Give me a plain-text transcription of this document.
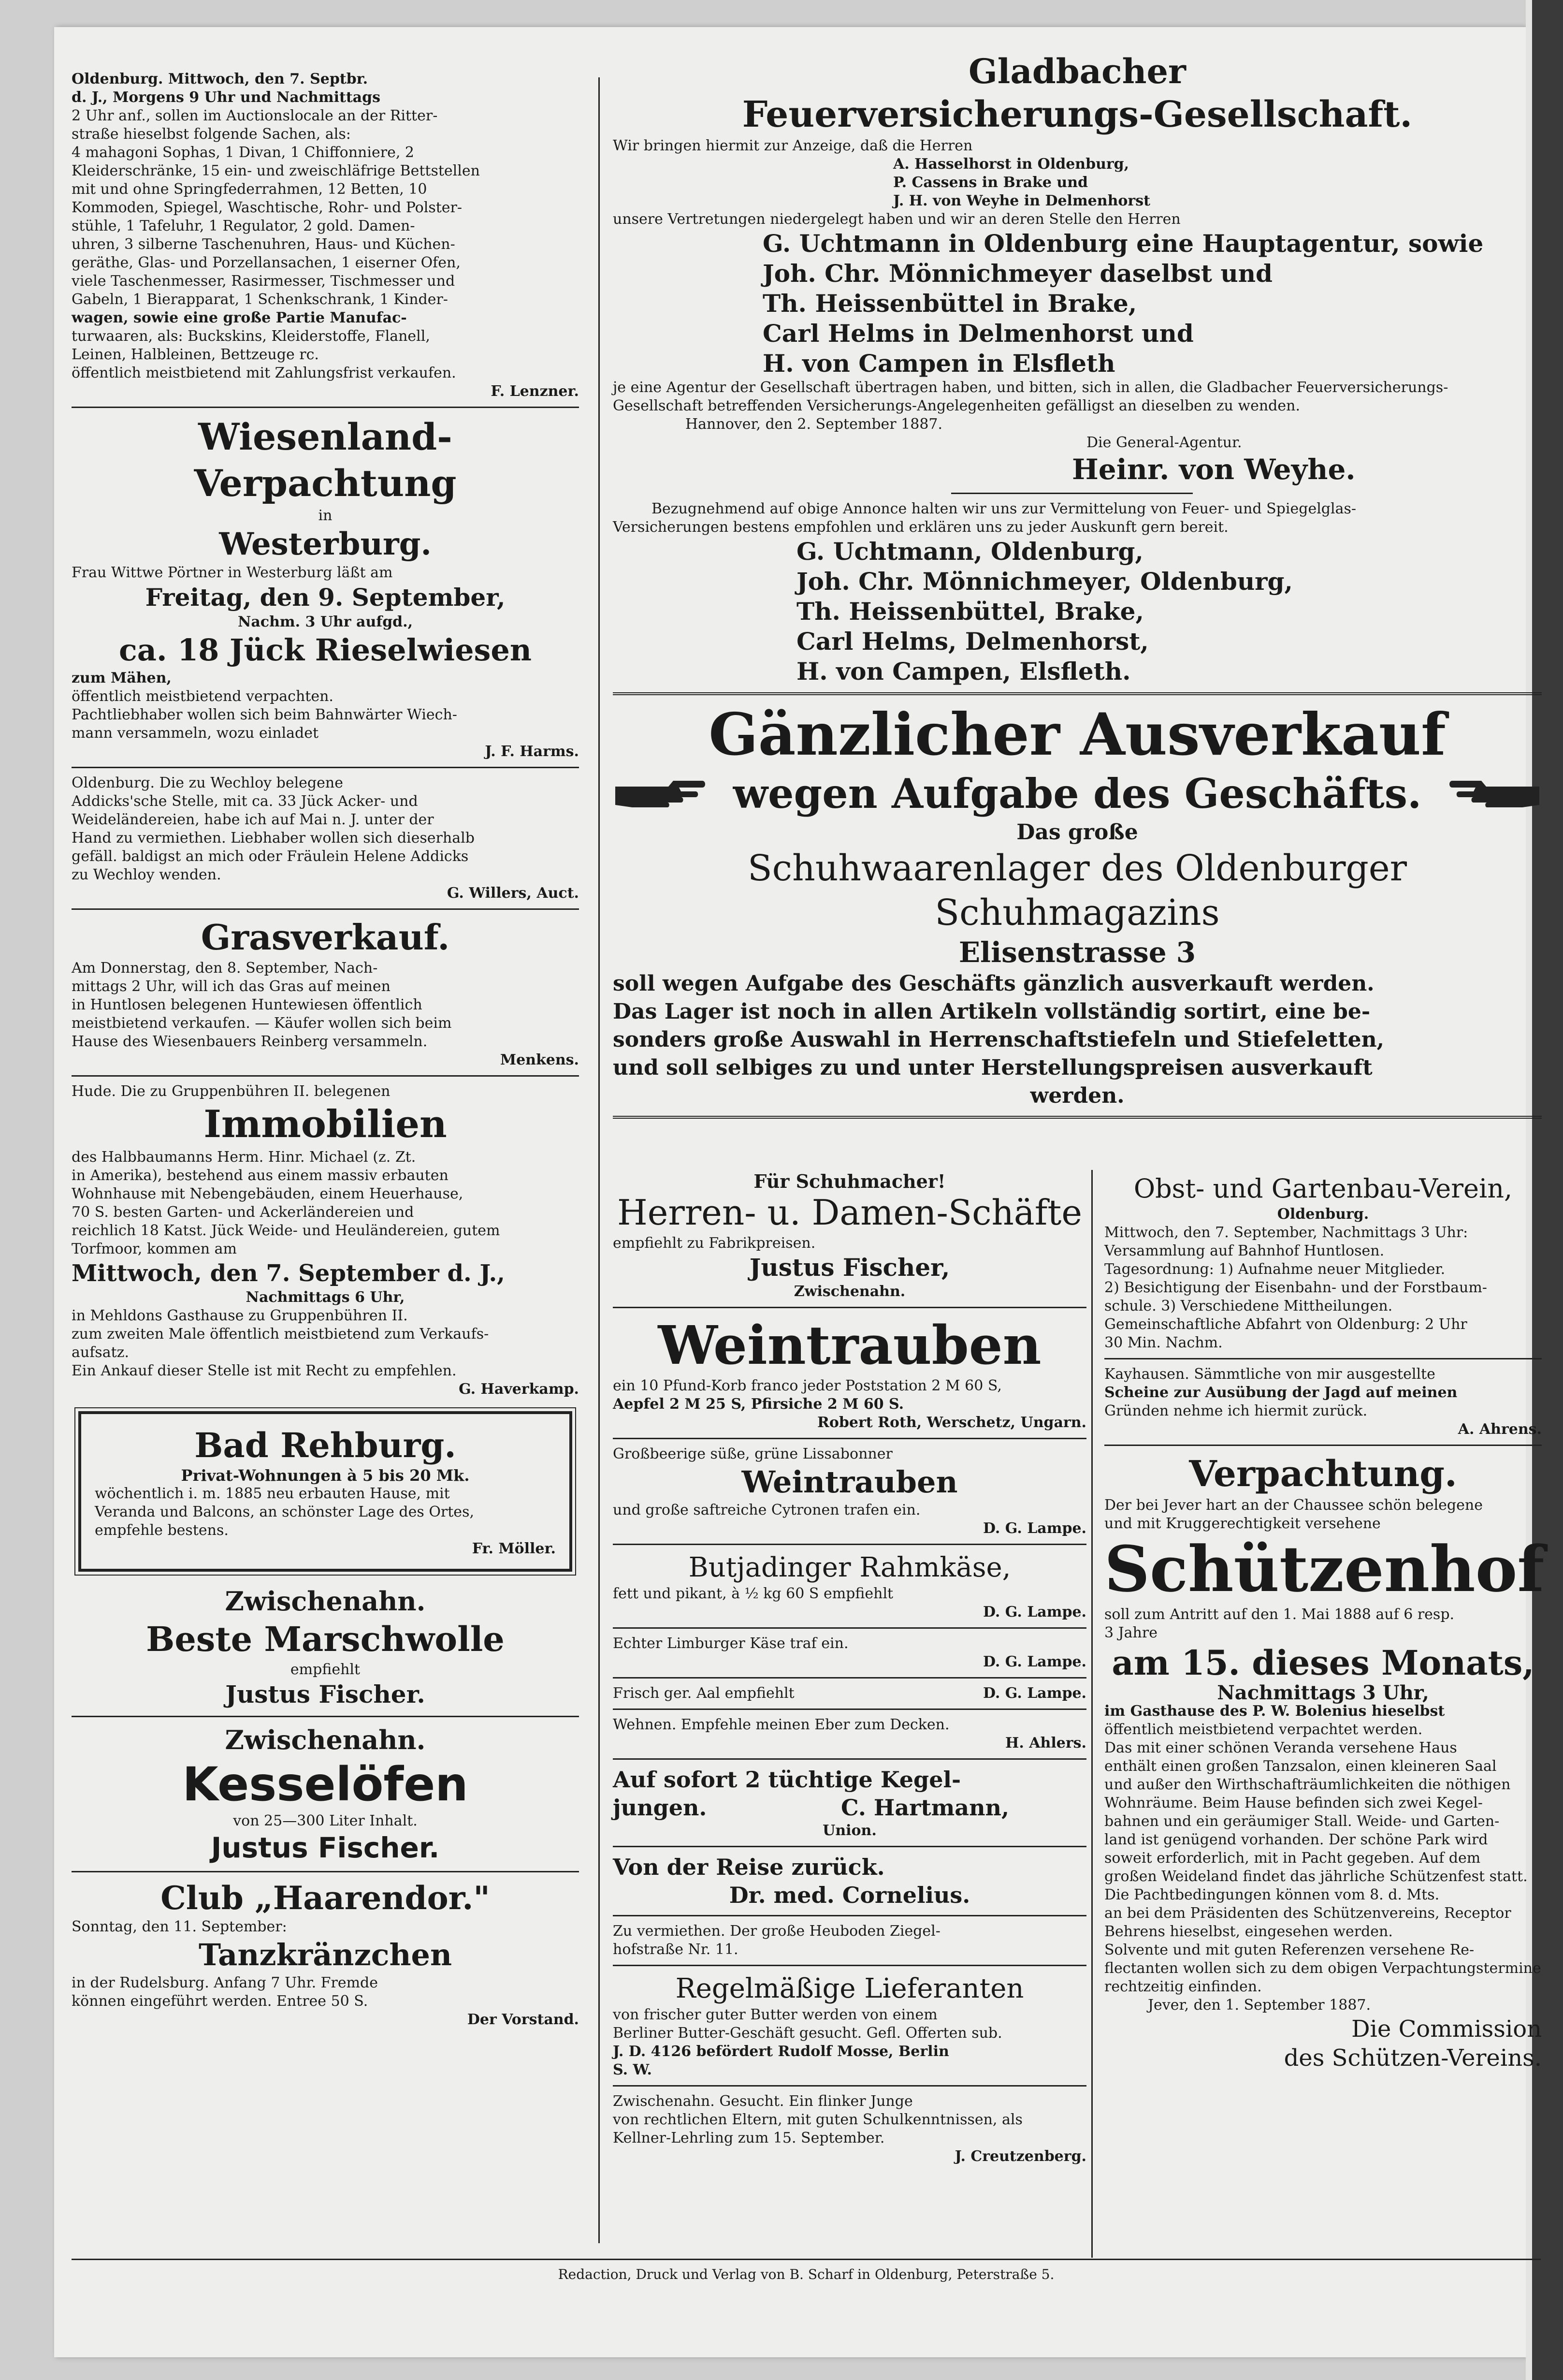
Oldenburg. Mittwoch, den 7. Septbr.

d. J., Morgens 9 Uhr und Nachmittags

2 Uhr anf., sollen im Auctionslocale an der Ritter-

straße hieselbst folgende Sachen, als:

4 mahagoni Sophas, 1 Divan, 1 Chiffonniere, 2

Kleiderschränke, 15 ein- und zweischläfrige Bettstellen

mit und ohne Springfederrahmen, 12 Betten, 10

Kommoden, Spiegel, Waschtische, Rohr- und Polster-

stühle, 1 Tafeluhr, 1 Regulator, 2 gold. Damen-

uhren, 3 silberne Taschenuhren, Haus- und Küchen-

geräthe, Glas- und Porzellansachen, 1 eiserner Ofen,

viele Taschenmesser, Rasirmesser, Tischmesser und

Gabeln, 1 Bierapparat, 1 Schenkschrank, 1 Kinder-

wagen, sowie eine große Partie Manufac-

turwaaren, als: Buckskins, Kleiderstoffe, Flanell,

Leinen, Halbleinen, Bettzeuge rc.

öffentlich meistbietend mit Zahlungsfrist verkaufen.

F. Lenzner.

Wiesenland-Verpachtung

in

Westerburg.

Frau Wittwe Pörtner in Westerburg läßt am

Freitag, den 9. September,

Nachm. 3 Uhr aufgd.,

ca. 18 Jück Rieselwiesen

zum Mähen,

öffentlich meistbietend verpachten.

Pachtliebhaber wollen sich beim Bahnwärter Wiech-

mann versammeln, wozu einladet

J. F. Harms.

Oldenburg. Die zu Wechloy belegene

Addicks'sche Stelle, mit ca. 33 Jück Acker- und

Weideländereien, habe ich auf Mai n. J. unter der

Hand zu vermiethen. Liebhaber wollen sich dieserhalb

gefäll. baldigst an mich oder Fräulein Helene Addicks

zu Wechloy wenden.

G. Willers, Auct.

Grasverkauf.

Am Donnerstag, den 8. September, Nach-

mittags 2 Uhr, will ich das Gras auf meinen

in Huntlosen belegenen Huntewiesen öffentlich

meistbietend verkaufen. — Käufer wollen sich beim

Hause des Wiesenbauers Reinberg versammeln.

Menkens.

Hude. Die zu Gruppenbühren II. belegenen

Immobilien

des Halbbaumanns Herm. Hinr. Michael (z. Zt.

in Amerika), bestehend aus einem massiv erbauten

Wohnhause mit Nebengebäuden, einem Heuerhause,

70 S. besten Garten- und Ackerländereien und

reichlich 18 Katst. Jück Weide- und Heuländereien, gutem

Torfmoor, kommen am

Mittwoch, den 7. September d. J.,

Nachmittags 6 Uhr,

in Mehldons Gasthause zu Gruppenbühren II.

zum zweiten Male öffentlich meistbietend zum Verkaufs-

aufsatz.

Ein Ankauf dieser Stelle ist mit Recht zu empfehlen.

G. Haverkamp.

Bad Rehburg.

Privat-Wohnungen à 5 bis 20 Mk.

wöchentlich i. m. 1885 neu erbauten Hause, mit

Veranda und Balcons, an schönster Lage des Ortes,

empfehle bestens.

Fr. Möller.

Zwischenahn.

Beste Marschwolle

empfiehlt

Justus Fischer.

Zwischenahn.

Kesselöfen

von 25—300 Liter Inhalt.

Justus Fischer.

Club „Haarendor."

Sonntag, den 11. September:

Tanzkränzchen

in der Rudelsburg. Anfang 7 Uhr. Fremde

können eingeführt werden. Entree 50 S.

Der Vorstand.

Gladbacher

Feuerversicherungs-Gesellschaft.

Wir bringen hiermit zur Anzeige, daß die Herren

A. Hasselhorst in Oldenburg,

P. Cassens in Brake und

J. H. von Weyhe in Delmenhorst

unsere Vertretungen niedergelegt haben und wir an deren Stelle den Herren

G. Uchtmann in Oldenburg eine Hauptagentur, sowie

Joh. Chr. Mönnichmeyer daselbst und

Th. Heissenbüttel in Brake,

Carl Helms in Delmenhorst und

H. von Campen in Elsfleth

je eine Agentur der Gesellschaft übertragen haben, und bitten, sich in allen, die Gladbacher Feuerversicherungs-

Gesellschaft betreffenden Versicherungs-Angelegenheiten gefälligst an dieselben zu wenden.

Hannover, den 2. September 1887.

Die General-Agentur.

Heinr. von Weyhe.

Bezugnehmend auf obige Annonce halten wir uns zur Vermittelung von Feuer- und Spiegelglas-

Versicherungen bestens empfohlen und erklären uns zu jeder Auskunft gern bereit.

G. Uchtmann, Oldenburg,

Joh. Chr. Mönnichmeyer, Oldenburg,

Th. Heissenbüttel, Brake,

Carl Helms, Delmenhorst,

H. von Campen, Elsfleth.

Gänzlicher Ausverkauf

wegen Aufgabe des Geschäfts.

Das große

Schuhwaarenlager des Oldenburger Schuhmagazins

Elisenstrasse 3

soll wegen Aufgabe des Geschäfts gänzlich ausverkauft werden.

Das Lager ist noch in allen Artikeln vollständig sortirt, eine be-

sonders große Auswahl in Herrenschaftstiefeln und Stiefeletten,

und soll selbiges zu und unter Herstellungspreisen ausverkauft

werden.

Für Schuhmacher!

Herren- u. Damen-Schäfte

empfiehlt zu Fabrikpreisen.

Justus Fischer,

Zwischenahn.

Weintrauben

ein 10 Pfund-Korb franco jeder Poststation 2 M 60 S,

Aepfel 2 M 25 S, Pfirsiche 2 M 60 S.

Robert Roth, Werschetz, Ungarn.

Großbeerige süße, grüne Lissabonner

Weintrauben

und große saftreiche Cytronen trafen ein.

D. G. Lampe.

Butjadinger Rahmkäse,

fett und pikant, à ½ kg 60 S empfiehlt

D. G. Lampe.

Echter Limburger Käse traf ein.

D. G. Lampe.

Frisch ger. Aal empfiehlt	D. G. Lampe.

Wehnen. Empfehle meinen Eber zum Decken.

H. Ahlers.

Auf sofort 2 tüchtige Kegel-

jungen.	C. Hartmann,

Union.

Von der Reise zurück.

Dr. med. Cornelius.

Zu vermiethen. Der große Heuboden Ziegel-

hofstraße Nr. 11.

Regelmäßige Lieferanten

von frischer guter Butter werden von einem

Berliner Butter-Geschäft gesucht. Gefl. Offerten sub.

J. D. 4126 befördert Rudolf Mosse, Berlin

S. W.

Zwischenahn. Gesucht. Ein flinker Junge

von rechtlichen Eltern, mit guten Schulkenntnissen, als

Kellner-Lehrling zum 15. September.

J. Creutzenberg.

Obst- und Gartenbau-Verein,

Oldenburg.

Mittwoch, den 7. September, Nachmittags 3 Uhr:

Versammlung auf Bahnhof Huntlosen.

Tagesordnung: 1) Aufnahme neuer Mitglieder.

2) Besichtigung der Eisenbahn- und der Forstbaum-

schule. 3) Verschiedene Mittheilungen.

Gemeinschaftliche Abfahrt von Oldenburg: 2 Uhr

30 Min. Nachm.

Kayhausen. Sämmtliche von mir ausgestellte

Scheine zur Ausübung der Jagd auf meinen

Gründen nehme ich hiermit zurück.

A. Ahrens.

Verpachtung.

Der bei Jever hart an der Chaussee schön belegene

und mit Kruggerechtigkeit versehene

Schützenhof

soll zum Antritt auf den 1. Mai 1888 auf 6 resp.

3 Jahre

am 15. dieses Monats,

Nachmittags 3 Uhr,

im Gasthause des P. W. Bolenius hieselbst

öffentlich meistbietend verpachtet werden.

Das mit einer schönen Veranda versehene Haus

enthält einen großen Tanzsalon, einen kleineren Saal

und außer den Wirthschafträumlichkeiten die nöthigen

Wohnräume. Beim Hause befinden sich zwei Kegel-

bahnen und ein geräumiger Stall. Weide- und Garten-

land ist genügend vorhanden. Der schöne Park wird

soweit erforderlich, mit in Pacht gegeben. Auf dem

großen Weideland findet das jährliche Schützenfest statt.

Die Pachtbedingungen können vom 8. d. Mts.

an bei dem Präsidenten des Schützenvereins, Receptor

Behrens hieselbst, eingesehen werden.

Solvente und mit guten Referenzen versehene Re-

flectanten wollen sich zu dem obigen Verpachtungstermine

rechtzeitig einfinden.

Jever, den 1. September 1887.

Die Commission

des Schützen-Vereins.

Redaction, Druck und Verlag von B. Scharf in Oldenburg, Peterstraße 5.
